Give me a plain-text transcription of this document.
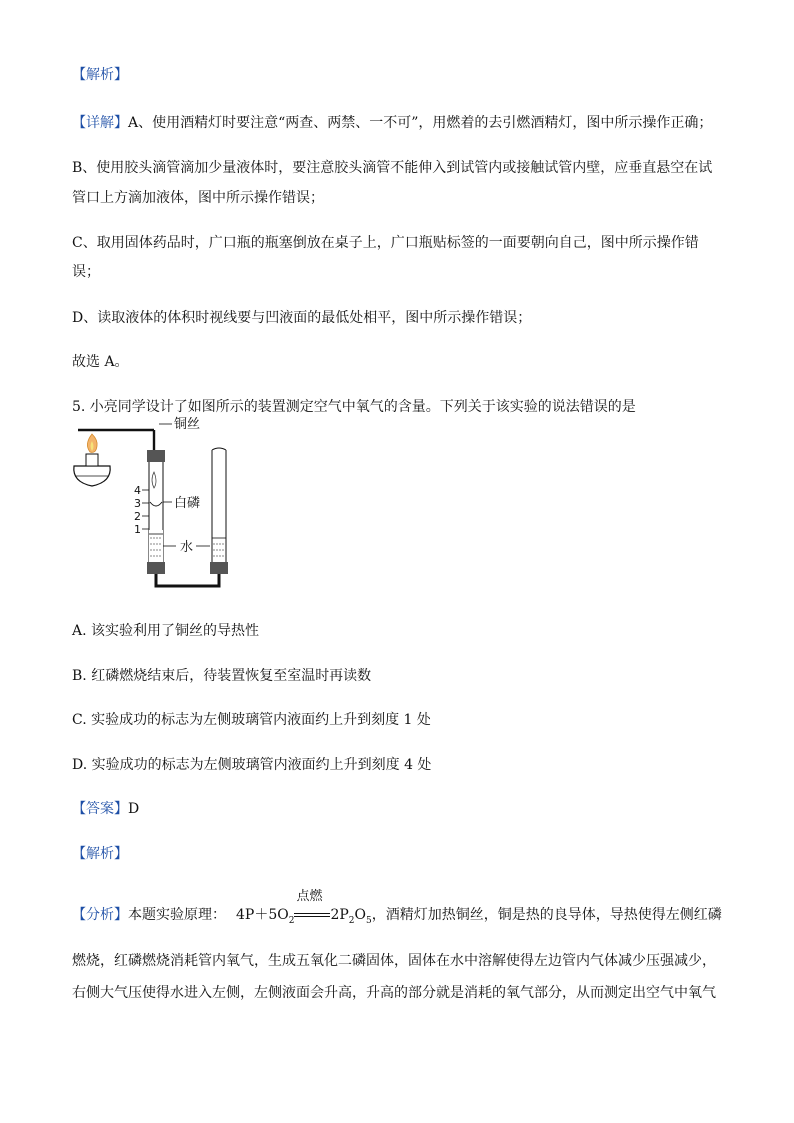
【解析】
【详解】A、使用酒精灯时要注意“两查、两禁、一不可”，用燃着的去引燃酒精灯，图中所示操作正确；
B、使用胶头滴管滴加少量液体时，要注意胶头滴管不能伸入到试管内或接触试管内壁，应垂直悬空在试
管口上方滴加液体，图中所示操作错误；
C、取用固体药品时，广口瓶的瓶塞倒放在桌子上，广口瓶贴标签的一面要朝向自己，图中所示操作错
误；
D、读取液体的体积时视线要与凹液面的最低处相平，图中所示操作错误；
故选 A。
5. 小亮同学设计了如图所示的装置测定空气中氧气的含量。下列关于该实验的说法错误的是
铜丝
4
3
2
1
白磷
水
A. 该实验利用了铜丝的导热性
B. 红磷燃烧结束后，待装置恢复至室温时再读数
C. 实验成功的标志为左侧玻璃管内液面约上升到刻度 1 处
D. 实验成功的标志为左侧玻璃管内液面约上升到刻度 4 处
【答案】D
【解析】
【分析】本题实验原理： $4P+5O_2$
点燃
$2P_2O_5$，酒精灯加热铜丝，铜是热的良导体，导热使得左侧红磷
燃烧，红磷燃烧消耗管内氧气，生成五氧化二磷固体，固体在水中溶解使得左边管内气体减少压强减少，
右侧大气压使得水进入左侧，左侧液面会升高，升高的部分就是消耗的氧气部分，从而测定出空气中氧气
